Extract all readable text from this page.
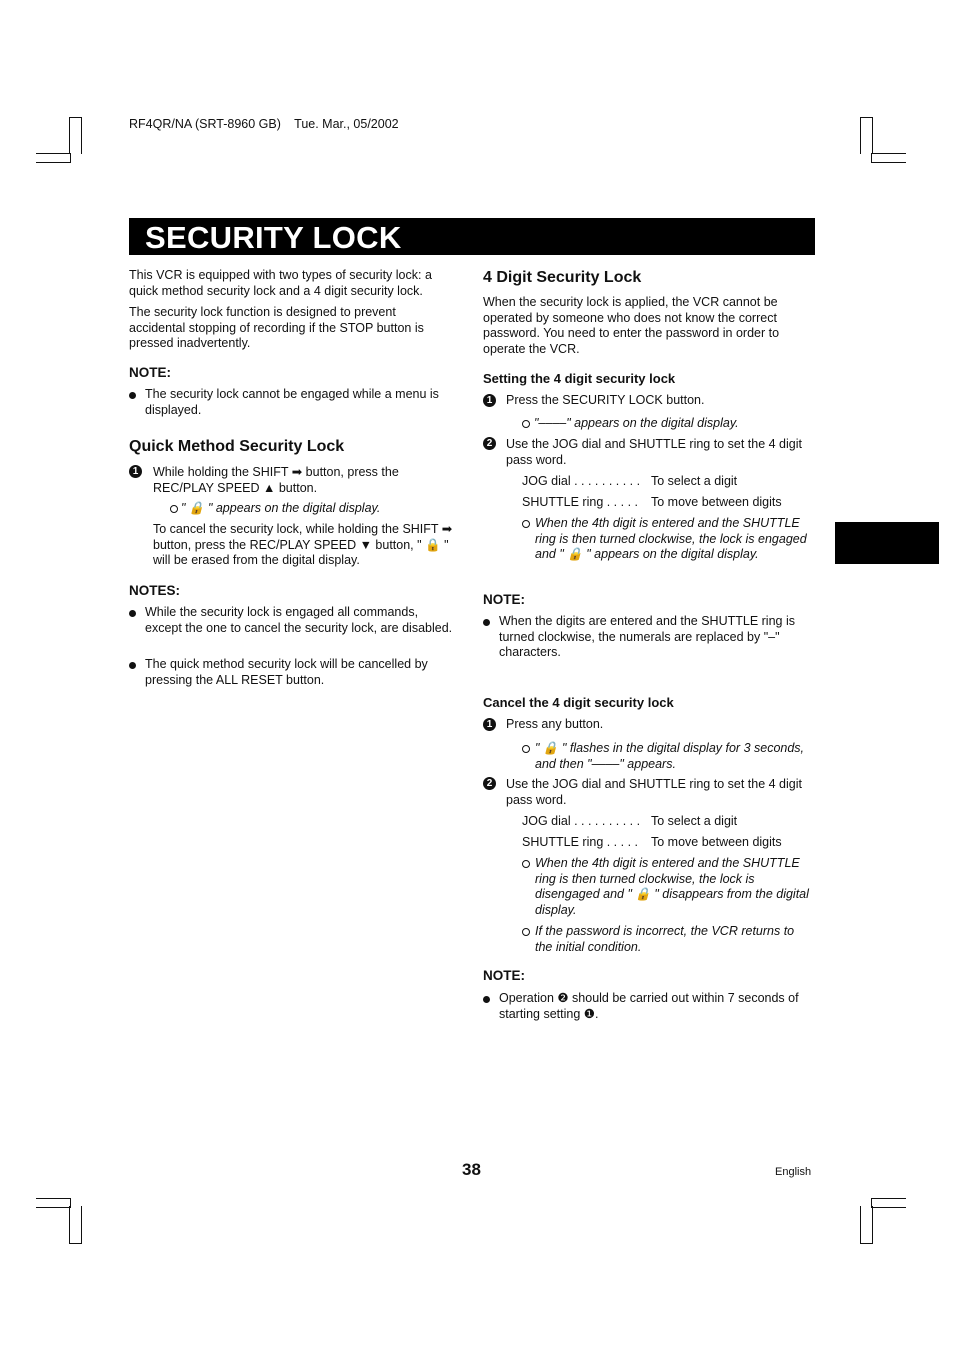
RF4QR/NA (SRT-8960 GB) Tue. Mar., 05/2002
SECURITY LOCK
This VCR is equipped with two types of security lock: a quick method security lock and a 4 digit security lock.
The security lock function is designed to prevent accidental stopping of recording if the STOP button is pressed inadvertently.
NOTE:
The security lock cannot be engaged while a menu is displayed.
Quick Method Security Lock
1 While holding the SHIFT ➡ button, press the REC/PLAY SPEED ▲ button.
" 🔒 " appears on the digital display.
To cancel the security lock, while holding the SHIFT ➡ button, press the REC/PLAY SPEED ▼ button, " 🔒 " will be erased from the digital display.
NOTES:
While the security lock is engaged all commands, except the one to cancel the security lock, are disabled.
The quick method security lock will be cancelled by pressing the ALL RESET button.
4 Digit Security Lock
When the security lock is applied, the VCR cannot be operated by someone who does not know the correct password. You need to enter the password in order to operate the VCR.
Setting the 4 digit security lock
1 Press the SECURITY LOCK button.
"––––" appears on the digital display.
2 Use the JOG dial and SHUTTLE ring to set the 4 digit pass word.
JOG dial . . . . . . . . . . To select a digit
SHUTTLE ring . . . . . To move between digits
When the 4th digit is entered and the SHUTTLE ring is then turned clockwise, the lock is engaged and " 🔒 " appears on the digital display.
NOTE:
When the digits are entered and the SHUTTLE ring is turned clockwise, the numerals are replaced by "–" characters.
Cancel the 4 digit security lock
1 Press any button.
" 🔒 " flashes in the digital display for 3 seconds, and then "––––" appears.
2 Use the JOG dial and SHUTTLE ring to set the 4 digit pass word.
JOG dial . . . . . . . . . . To select a digit
SHUTTLE ring . . . . . To move between digits
When the 4th digit is entered and the SHUTTLE ring is then turned clockwise, the lock is disengaged and " 🔒 " disappears from the digital display.
If the password is incorrect, the VCR returns to the initial condition.
NOTE:
Operation ❷ should be carried out within 7 seconds of starting setting ❶.
38	English
